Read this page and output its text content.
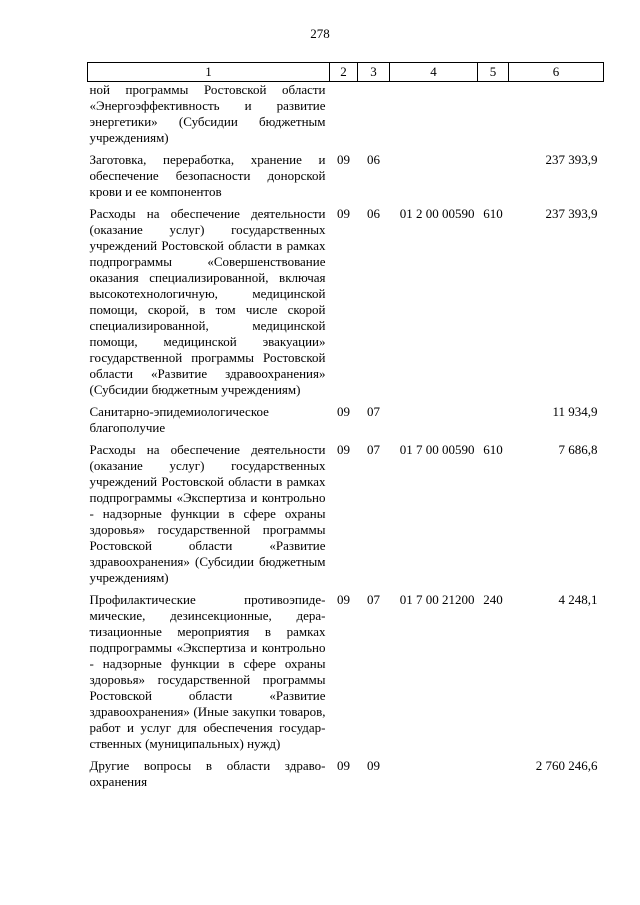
278
1	2	3	4	5	6
ной программы Ростовской области «Энергоэффективность и развитие энергетики» (Субсидии бюджетным учреждениям)					
Заготовка, переработка, хранение и обеспечение безопасности донорской крови и ее компонентов	09	06			237 393,9
Расходы на обеспечение деятельности (оказание услуг) государственных учреждений Ростовской области в рамках подпрограммы «Совершенствование оказания специализированной, включая высокотехнологичную, медицинской помощи, скорой, в том числе скорой специализированной, медицинской помощи, медицинской эвакуации» государственной программы Ростовской области «Развитие здравоохранения» (Субсидии бюджетным учреждениям)	09	06	01 2 00 00590	610	237 393,9
Санитарно-эпидемиологическое благополучие	09	07			11 934,9
Расходы на обеспечение деятельности (оказание услуг) государственных учреждений Ростовской области в рамках подпрограммы «Экспертиза и контрольно - надзорные функции в сфере охраны здоровья» государственной программы Ростовской области «Развитие здравоохранения» (Субсидии бюджетным учреждениям)	09	07	01 7 00 00590	610	7 686,8
Профилактические противоэпидемические, дезинсекционные, дератизационные мероприятия в рамках подпрограммы «Экспертиза и контрольно - надзорные функции в сфере охраны здоровья» государственной программы Ростовской области «Развитие здравоохранения» (Иные закупки товаров, работ и услуг для обеспечения государственных (муниципальных) нужд)	09	07	01 7 00 21200	240	4 248,1
Другие вопросы в области здравоохранения	09	09			2 760 246,6
